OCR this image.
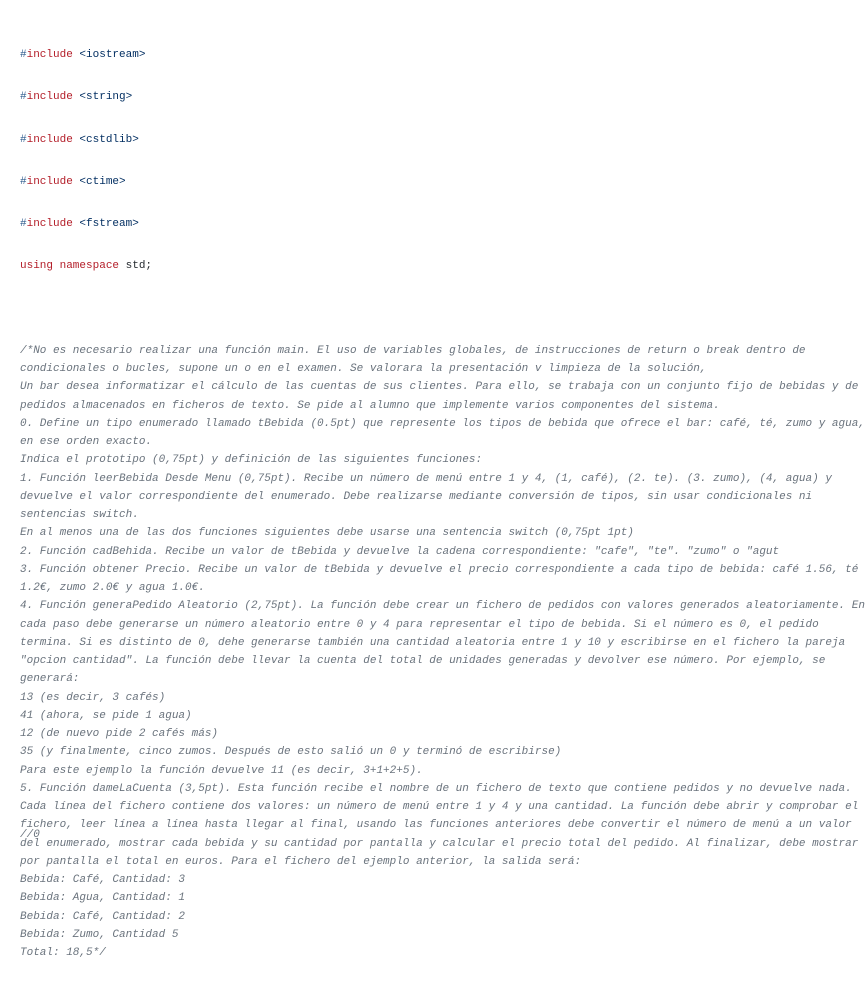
#include <iostream>

#include <string>

#include <cstdlib>

#include <ctime>

#include <fstream>

using namespace std;

/*No es necesario realizar una función main. El uso de variables globales, de instrucciones de return o break dentro de
condicionales o bucles, supone un o en el examen. Se valorara la presentación v limpieza de la solución,
Un bar desea informatizar el cálculo de las cuentas de sus clientes. Para ello, se trabaja con un conjunto fijo de bebidas y de
pedidos almacenados en ficheros de texto. Se pide al alumno que implemente varios componentes del sistema.
0. Define un tipo enumerado llamado tBebida (0.5pt) que represente los tipos de bebida que ofrece el bar: café, té, zumo y agua,
en ese orden exacto.
Indica el prototipo (0,75pt) y definición de las siguientes funciones:
1. Función leerBebida Desde Menu (0,75pt). Recibe un número de menú entre 1 y 4, (1, café), (2. te). (3. zumo), (4, agua) y
devuelve el valor correspondiente del enumerado. Debe realizarse mediante conversión de tipos, sin usar condicionales ni
sentencias switch.
En al menos una de las dos funciones siguientes debe usarse una sentencia switch (0,75pt 1pt)
2. Función cadBehida. Recibe un valor de tBebida y devuelve la cadena correspondiente: "cafe", "te". "zumo" o "agut
3. Función obtener Precio. Recibe un valor de tBebida y devuelve el precio correspondiente a cada tipo de bebida: café 1.56, té
1.2€, zumo 2.0€ y agua 1.0€.
4. Función generaPedido Aleatorio (2,75pt). La función debe crear un fichero de pedidos con valores generados aleatoriamente. En
cada paso debe generarse un número aleatorio entre 0 y 4 para representar el tipo de bebida. Si el número es 0, el pedido
termina. Si es distinto de 0, dehe generarse también una cantidad aleatoria entre 1 y 10 y escribirse en el fichero la pareja
"opcion cantidad". La función debe llevar la cuenta del total de unidades generadas y devolver ese número. Por ejemplo, se
generará:
13 (es decir, 3 cafés)
41 (ahora, se pide 1 agua)
12 (de nuevo pide 2 cafés más)
35 (y finalmente, cinco zumos. Después de esto salió un 0 y terminó de escribirse)
Para este ejemplo la función devuelve 11 (es decir, 3+1+2+5).
5. Función dameLaCuenta (3,5pt). Esta función recibe el nombre de un fichero de texto que contiene pedidos y no devuelve nada.
Cada línea del fichero contiene dos valores: un número de menú entre 1 y 4 y una cantidad. La función debe abrir y comprobar el
fichero, leer línea a línea hasta llegar al final, usando las funciones anteriores debe convertir el número de menú a un valor
del enumerado, mostrar cada bebida y su cantidad por pantalla y calcular el precio total del pedido. Al finalizar, debe mostrar
por pantalla el total en euros. Para el fichero del ejemplo anterior, la salida será:
Bebida: Café, Cantidad: 3
Bebida: Agua, Cantidad: 1
Bebida: Café, Cantidad: 2
Bebida: Zumo, Cantidad 5
Total: 18,5*/

//0
